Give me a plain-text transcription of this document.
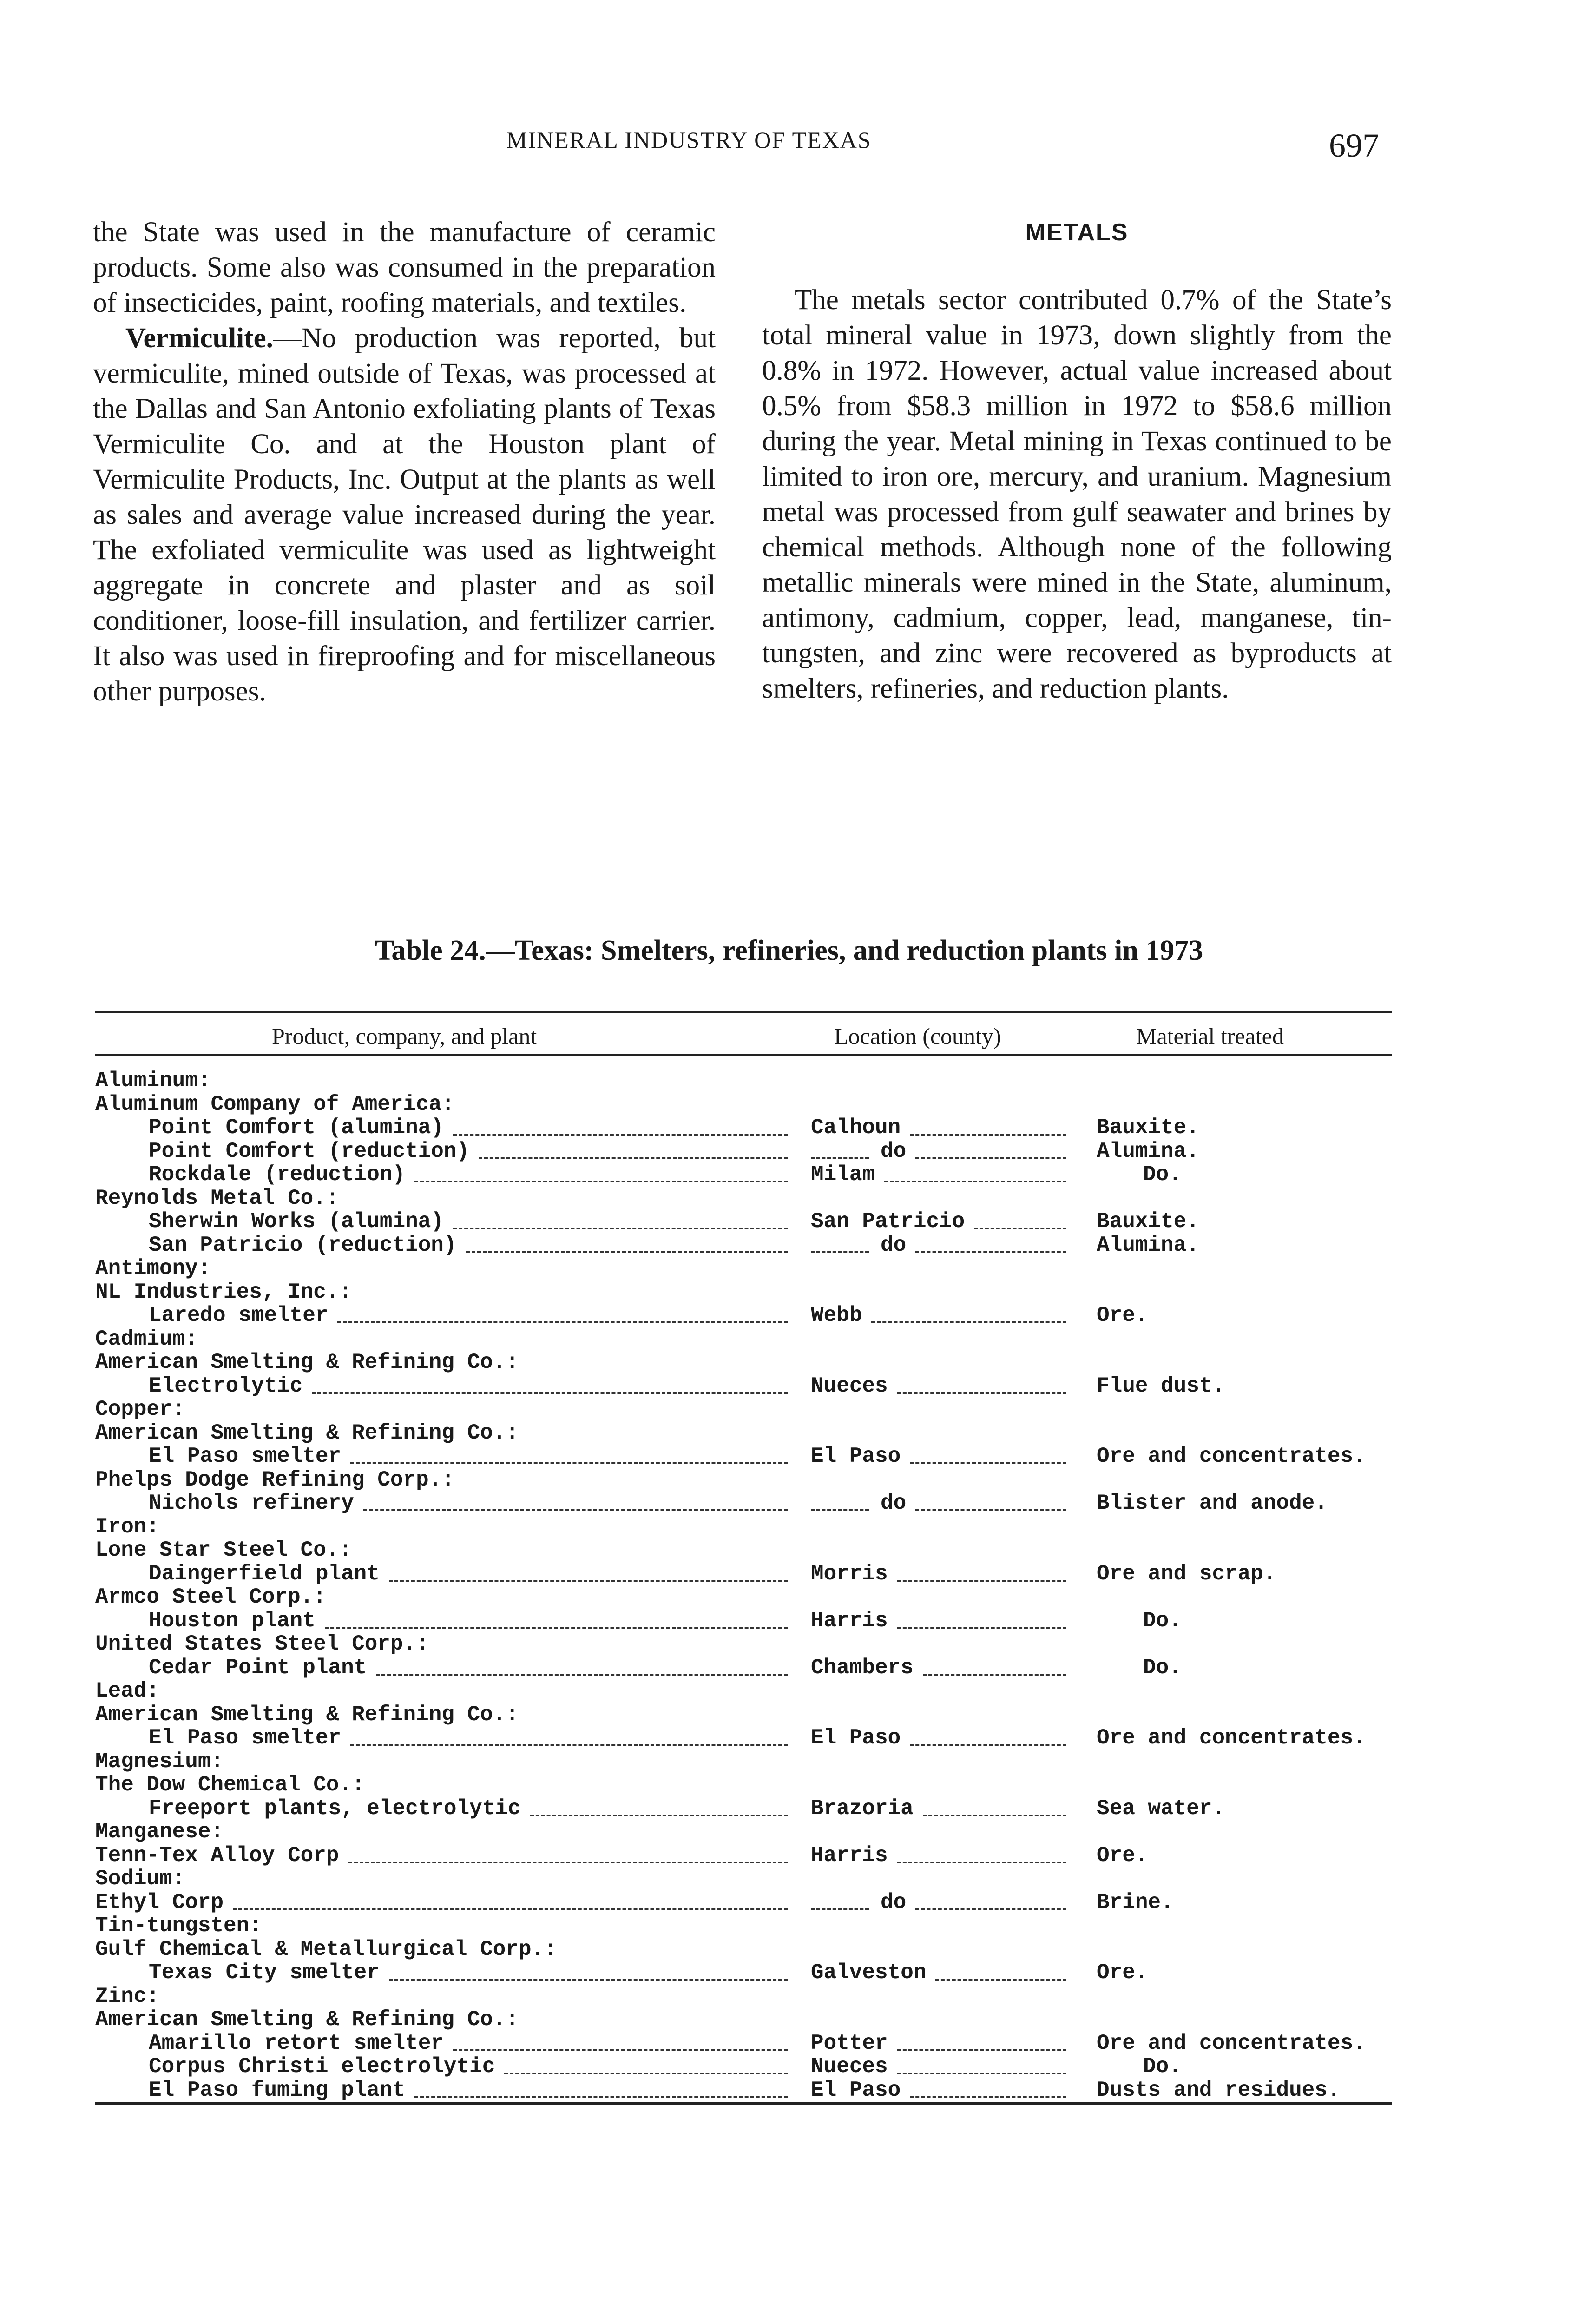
MINERAL INDUSTRY OF TEXAS	697

the State was used in the manufacture of ceramic products. Some also was consumed in the preparation of insecticides, paint, roofing materials, and textiles.

Vermiculite.—No production was reported, but vermiculite, mined outside of Texas, was processed at the Dallas and San Antonio exfoliating plants of Texas Vermiculite Co. and at the Houston plant of Vermiculite Products, Inc. Output at the plants as well as sales and average value increased during the year. The exfoliated vermiculite was used as lightweight aggregate in concrete and plaster and as soil conditioner, loose-fill insulation, and fertilizer carrier. It also was used in fireproofing and for miscellaneous other purposes.

METALS

The metals sector contributed 0.7% of the State’s total mineral value in 1973, down slightly from the 0.8% in 1972. However, actual value increased about 0.5% from $58.3 million in 1972 to $58.6 million during the year. Metal mining in Texas continued to be limited to iron ore, mercury, and uranium. Magnesium metal was processed from gulf seawater and brines by chemical methods. Although none of the following metallic minerals were mined in the State, aluminum, antimony, cadmium, copper, lead, manganese, tin-tungsten, and zinc were recovered as byproducts at smelters, refineries, and reduction plants.

Table 24.—Texas: Smelters, refineries, and reduction plants in 1973
Product, company, and plant	Location (county)	Material treated
Aluminum:
Aluminum Company of America:
Point Comfort (alumina)	Calhoun	Bauxite.
Point Comfort (reduction)	do	Alumina.
Rockdale (reduction)	Milam	Do.
Reynolds Metal Co.:
Sherwin Works (alumina)	San Patricio	Bauxite.
San Patricio (reduction)	do	Alumina.
Antimony:
NL Industries, Inc.:
Laredo smelter	Webb	Ore.
Cadmium:
American Smelting & Refining Co.:
Electrolytic	Nueces	Flue dust.
Copper:
American Smelting & Refining Co.:
El Paso smelter	El Paso	Ore and concentrates.
Phelps Dodge Refining Corp.:
Nichols refinery	do	Blister and anode.
Iron:
Lone Star Steel Co.:
Daingerfield plant	Morris	Ore and scrap.
Armco Steel Corp.:
Houston plant	Harris	Do.
United States Steel Corp.:
Cedar Point plant	Chambers	Do.
Lead:
American Smelting & Refining Co.:
El Paso smelter	El Paso	Ore and concentrates.
Magnesium:
The Dow Chemical Co.:
Freeport plants, electrolytic	Brazoria	Sea water.
Manganese:
Tenn-Tex Alloy Corp	Harris	Ore.
Sodium:
Ethyl Corp	do	Brine.
Tin-tungsten:
Gulf Chemical & Metallurgical Corp.:
Texas City smelter	Galveston	Ore.
Zinc:
American Smelting & Refining Co.:
Amarillo retort smelter	Potter	Ore and concentrates.
Corpus Christi electrolytic	Nueces	Do.
El Paso fuming plant	El Paso	Dusts and residues.
